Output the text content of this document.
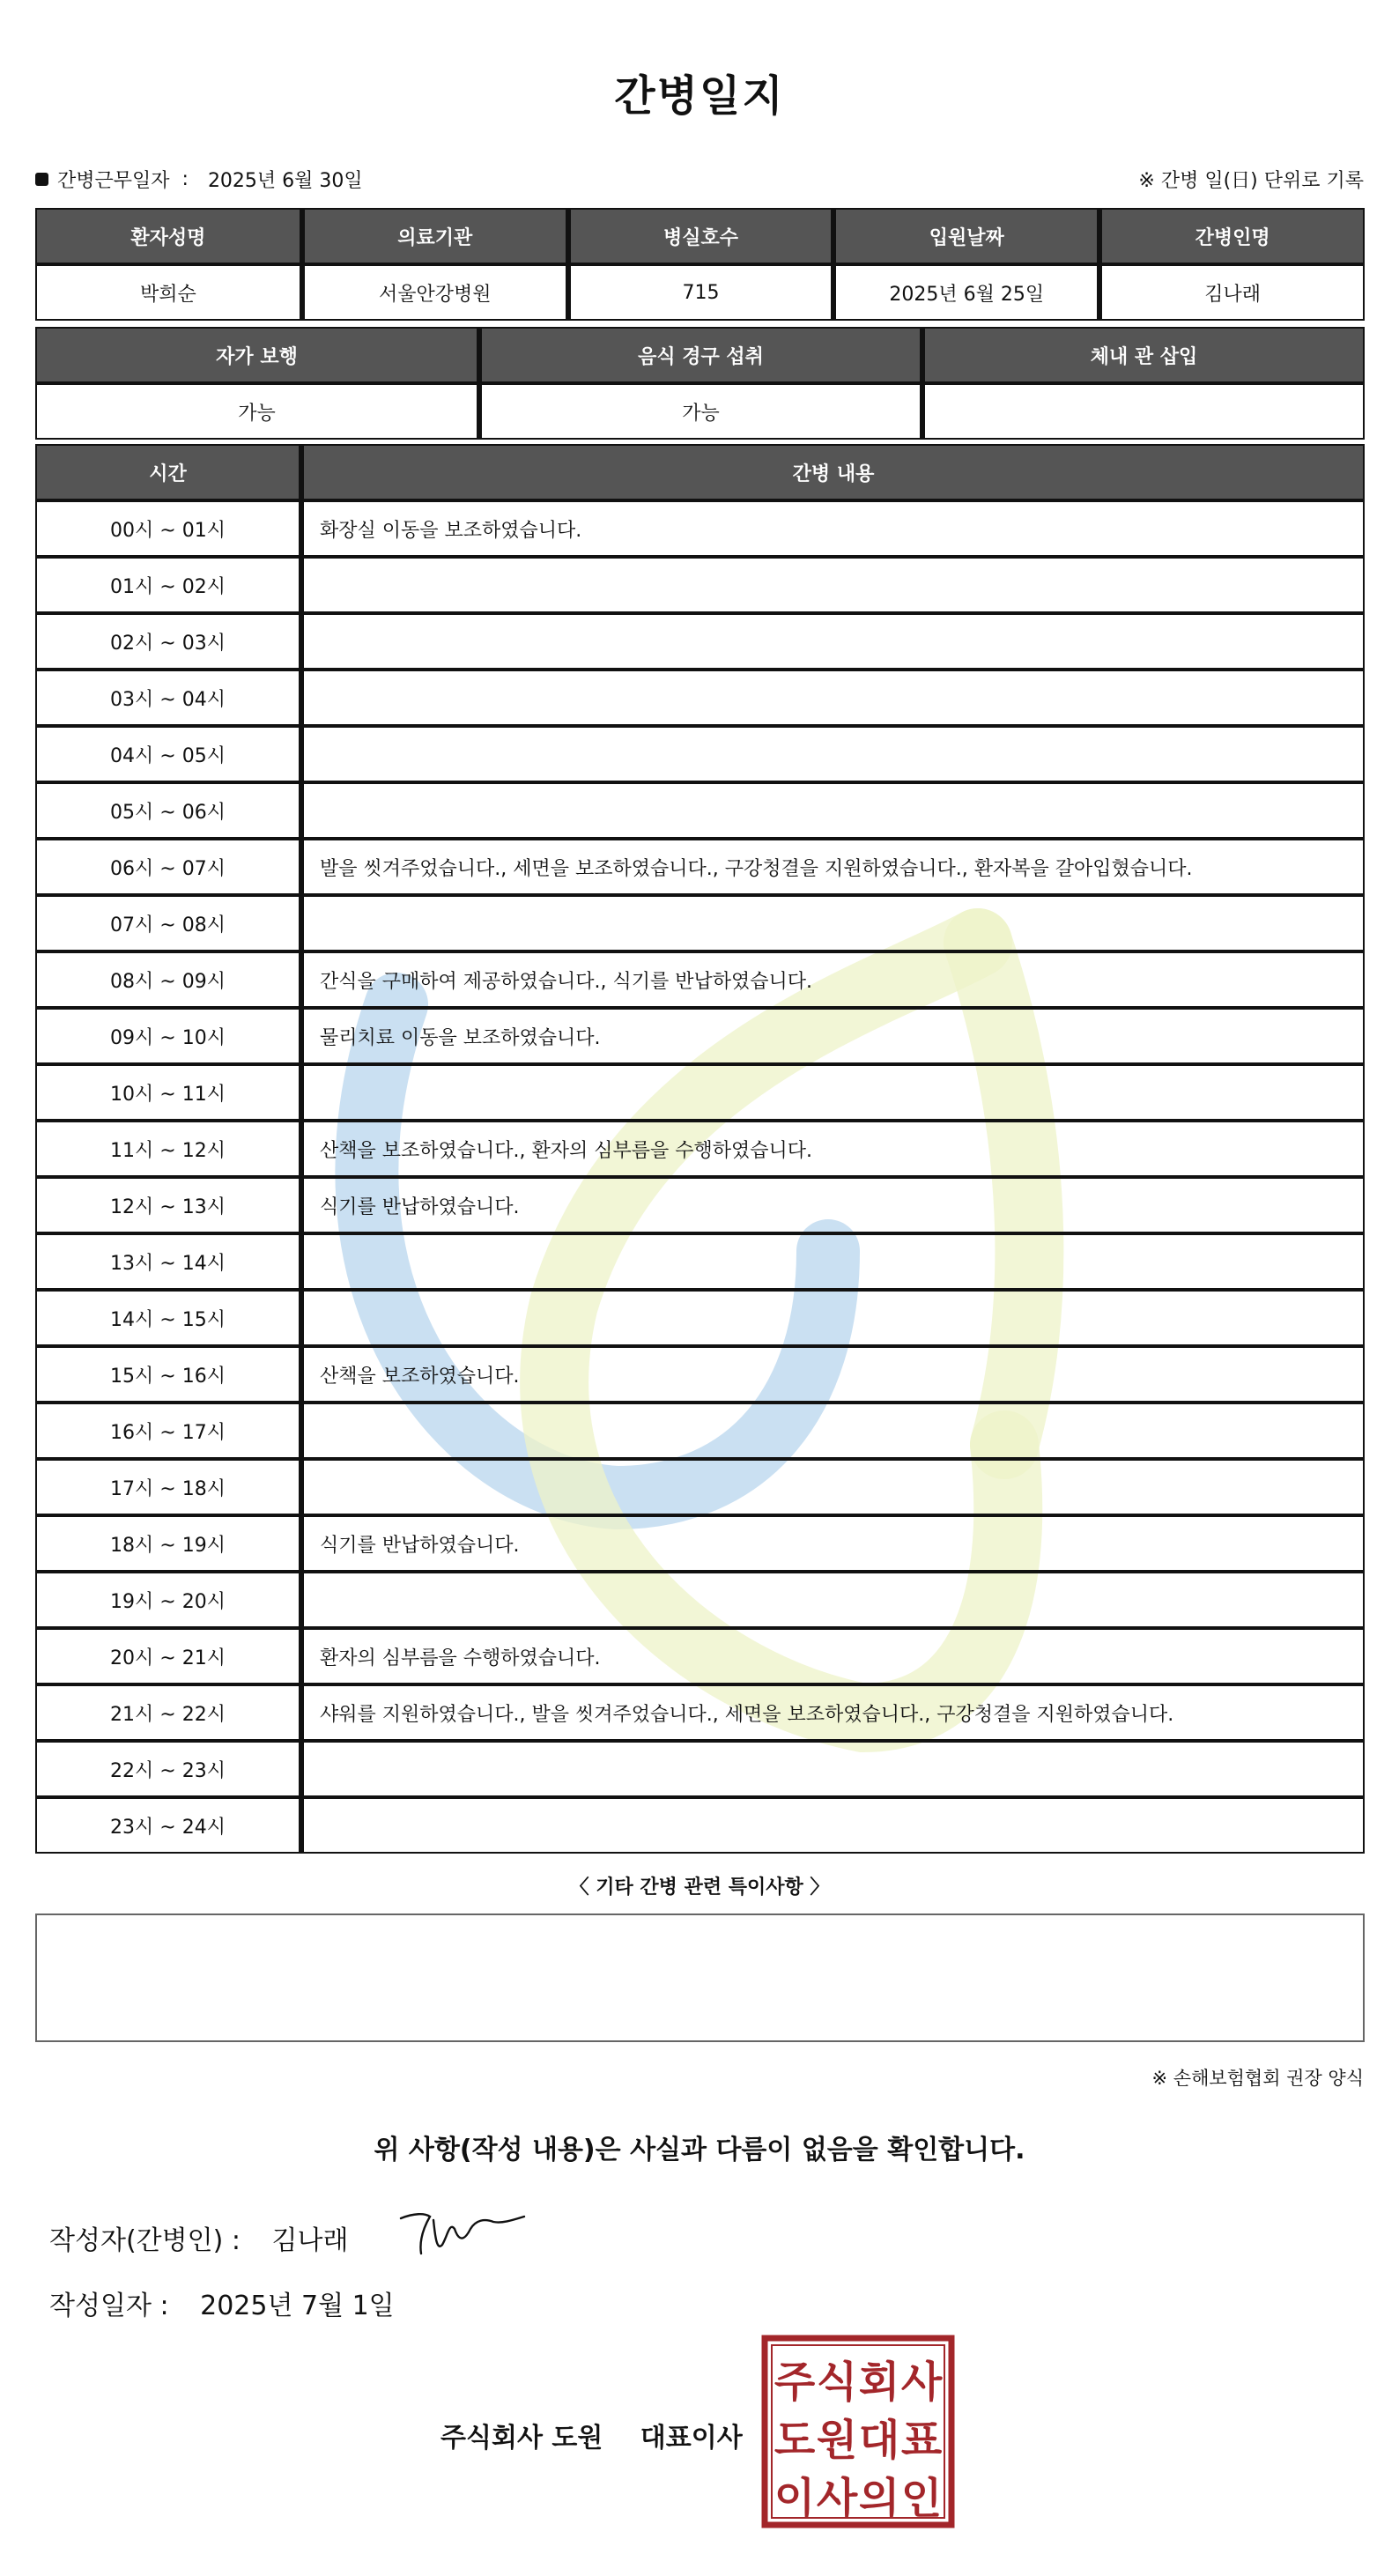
간병일지
간병근무일자 : 2025년 6월 30일	※ 간병 일(日) 단위로 기록
환자성명	의료기관	병실호수	입원날짜	간병인명
박희순	서울안강병원	715	2025년 6월 25일	김나래
자가 보행	음식 경구 섭취	체내 관 삽입
가능	가능	
시간	간병 내용
00시 ~ 01시	화장실 이동을 보조하였습니다.
01시 ~ 02시	
02시 ~ 03시	
03시 ~ 04시	
04시 ~ 05시	
05시 ~ 06시	
06시 ~ 07시	발을 씻겨주었습니다., 세면을 보조하였습니다., 구강청결을 지원하였습니다., 환자복을 갈아입혔습니다.
07시 ~ 08시	
08시 ~ 09시	간식을 구매하여 제공하였습니다., 식기를 반납하였습니다.
09시 ~ 10시	물리치료 이동을 보조하였습니다.
10시 ~ 11시	
11시 ~ 12시	산책을 보조하였습니다., 환자의 심부름을 수행하였습니다.
12시 ~ 13시	식기를 반납하였습니다.
13시 ~ 14시	
14시 ~ 15시	
15시 ~ 16시	산책을 보조하였습니다.
16시 ~ 17시	
17시 ~ 18시	
18시 ~ 19시	식기를 반납하였습니다.
19시 ~ 20시	
20시 ~ 21시	환자의 심부름을 수행하였습니다.
21시 ~ 22시	샤워를 지원하였습니다., 발을 씻겨주었습니다., 세면을 보조하였습니다., 구강청결을 지원하였습니다.
22시 ~ 23시	
23시 ~ 24시	
〈 기타 간병 관련 특이사항 〉
※ 손해보험협회 권장 양식
위 사항(작성 내용)은 사실과 다름이 없음을 확인합니다.
작성자(간병인) : 김나래
작성일자 : 2025년 7월 1일
주식회사 도원 대표이사
주 식 회 사
도 원 대 표
이 사 의 인
